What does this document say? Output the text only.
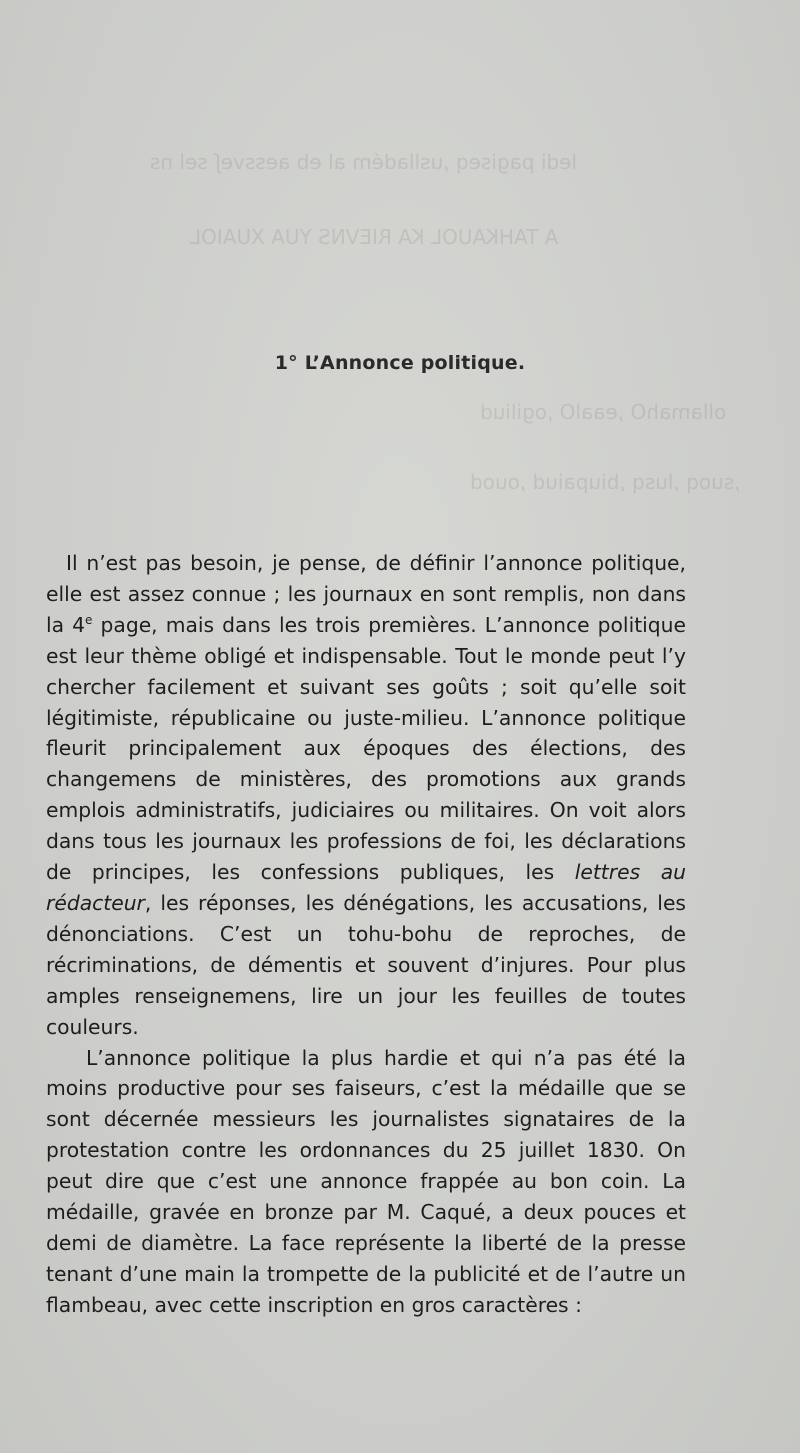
ledi pagiseq ,uslladém al eb aessveʃ sel ns
A TAHKAUOL KA RIEVNS YUA XUAIOL
ollamahO ,eaalO ,ogiliud
,suoq ,lusq ,biupaiud ,ouod
1° L’Annonce politique.

Il n’est pas besoin, je pense, de définir l’annonce politique, elle est assez connue ; les journaux en sont remplis, non dans la 4e page, mais dans les trois premières. L’annonce politique est leur thème obligé et indispensable. Tout le monde peut l’y chercher facilement et suivant ses goûts ; soit qu’elle soit légitimiste, républicaine ou juste-milieu. L’annonce politique fleurit principalement aux époques des élections, des changemens de ministères, des promotions aux grands emplois administratifs, judiciaires ou militaires. On voit alors dans tous les journaux les professions de foi, les déclarations de principes, les confessions publiques, les lettres au rédacteur, les réponses, les dénégations, les accusations, les dénonciations. C’est un tohu-bohu de reproches, de récriminations, de démentis et souvent d’injures. Pour plus amples renseignemens, lire un jour les feuilles de toutes couleurs.

L’annonce politique la plus hardie et qui n’a pas été la moins productive pour ses faiseurs, c’est la médaille que se sont décernée messieurs les journalistes signataires de la protestation contre les ordonnances du 25 juillet 1830. On peut dire que c’est une annonce frappée au bon coin. La médaille, gravée en bronze par M. Caqué, a deux pouces et demi de diamètre. La face représente la liberté de la presse tenant d’une main la trompette de la publicité et de l’autre un flambeau, avec cette inscription en gros caractères :
